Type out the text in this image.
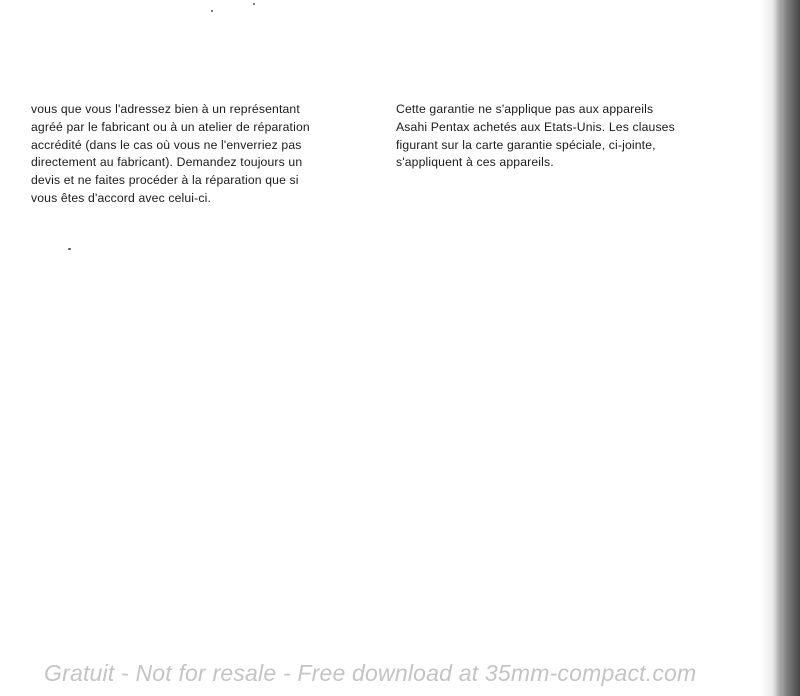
vous que vous l'adressez bien à un représentant
agréé par le fabricant ou à un atelier de réparation
accrédité (dans le cas où vous ne l'enverriez pas
directement au fabricant). Demandez toujours un
devis et ne faites procéder à la réparation que si
vous êtes d'accord avec celui-ci.
Cette garantie ne s'applique pas aux appareils
Asahi Pentax achetés aux Etats-Unis. Les clauses
figurant sur la carte garantie spéciale, ci-jointe,
s'appliquent à ces appareils.
Gratuit - Not for resale - Free download at 35mm-compact.com
